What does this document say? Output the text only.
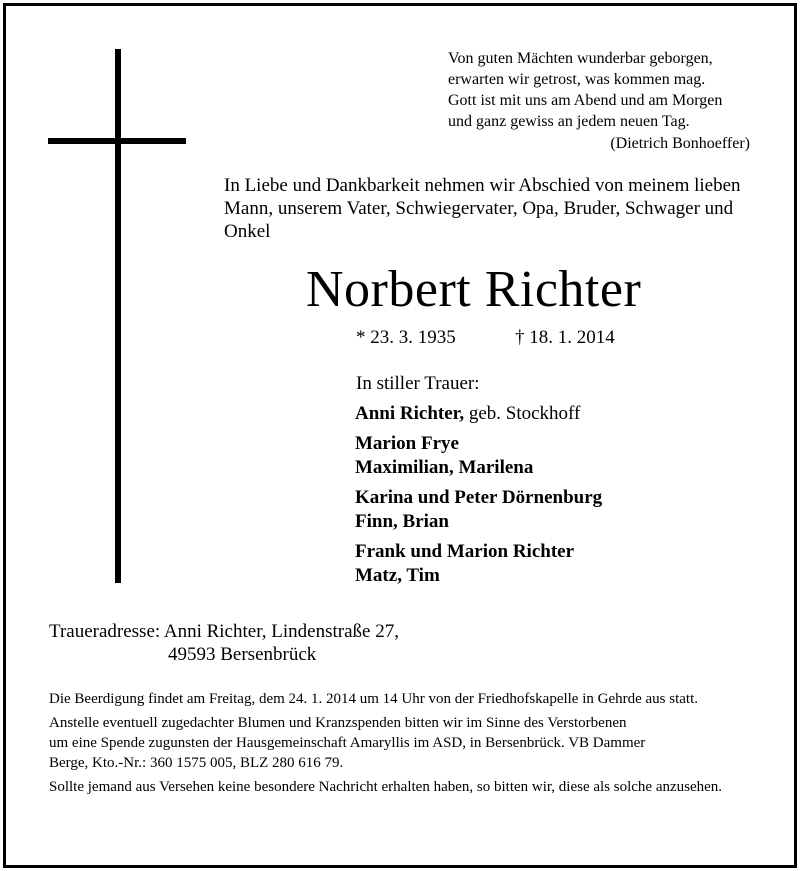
Von guten Mächten wunderbar geborgen,

erwarten wir getrost, was kommen mag.

Gott ist mit uns am Abend und am Morgen

und ganz gewiss an jedem neuen Tag.

(Dietrich Bonhoeffer)

In Liebe und Dankbarkeit nehmen wir Abschied von meinem lieben

Mann, unserem Vater, Schwiegervater, Opa, Bruder, Schwager und

Onkel

Norbert Richter
* 23. 3. 1935	† 18. 1. 2014
In stiller Trauer:
Anni Richter, geb. Stockhoff
Marion Frye
Maximilian, Marilena
Karina und Peter Dörnenburg
Finn, Brian
Frank und Marion Richter
Matz, Tim
Traueradresse: Anni Richter, Lindenstraße 27,
49593 Bersenbrück

Die Beerdigung findet am Freitag, dem 24. 1. 2014 um 14 Uhr von der Friedhofskapelle in Gehrde aus statt.

Anstelle eventuell zugedachter Blumen und Kranzspenden bitten wir im Sinne des Verstorbenen
um eine Spende zugunsten der Hausgemeinschaft Amaryllis im ASD, in Bersenbrück. VB Dammer
Berge, Kto.-Nr.: 360 1575 005, BLZ 280 616 79.

Sollte jemand aus Versehen keine besondere Nachricht erhalten haben, so bitten wir, diese als solche anzusehen.
